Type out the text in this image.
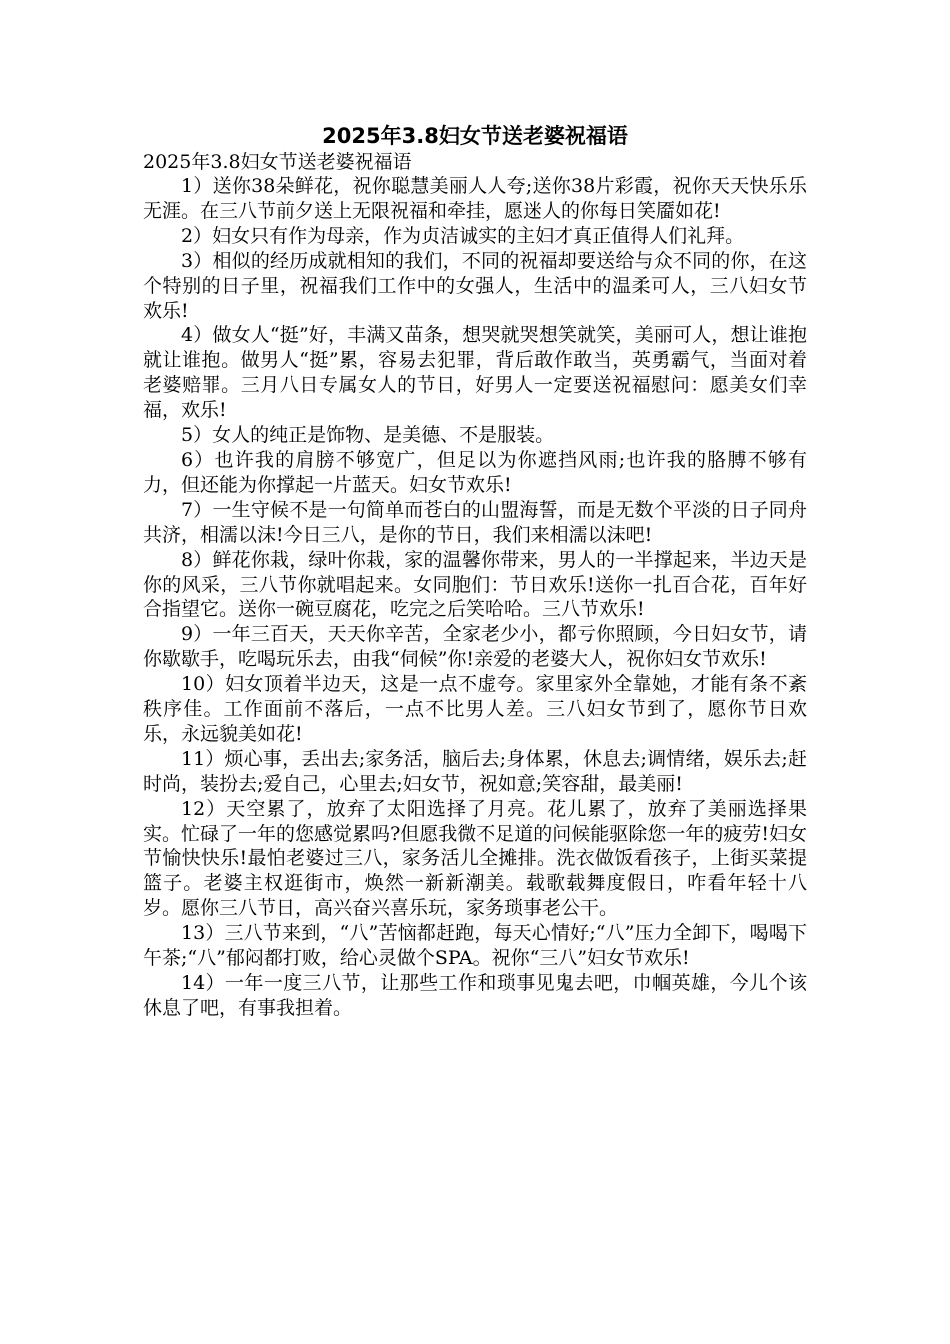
2025年3.8妇女节送老婆祝福语

2025年3.8妇女节送老婆祝福语

1）送你38朵鲜花，祝你聪慧美丽人人夸;送你38片彩霞，祝你天天快乐乐无涯。在三八节前夕送上无限祝福和牵挂，愿迷人的你每日笑靥如花!

2）妇女只有作为母亲，作为贞洁诚实的主妇才真正值得人们礼拜。

3）相似的经历成就相知的我们，不同的祝福却要送给与众不同的你，在这个特别的日子里，祝福我们工作中的女强人，生活中的温柔可人，三八妇女节欢乐!

4）做女人“挺”好，丰满又苗条，想哭就哭想笑就笑，美丽可人，想让谁抱就让谁抱。做男人“挺”累，容易去犯罪，背后敢作敢当，英勇霸气，当面对着老婆赔罪。三月八日专属女人的节日，好男人一定要送祝福慰问：愿美女们幸福，欢乐!

5）女人的纯正是饰物、是美德、不是服装。

6）也许我的肩膀不够宽广，但足以为你遮挡风雨;也许我的胳膊不够有力，但还能为你撑起一片蓝天。妇女节欢乐!

7）一生守候不是一句简单而苍白的山盟海誓，而是无数个平淡的日子同舟共济，相濡以沫!今日三八，是你的节日，我们来相濡以沫吧!

8）鲜花你栽，绿叶你栽，家的温馨你带来，男人的一半撑起来，半边天是你的风采，三八节你就唱起来。女同胞们：节日欢乐!送你一扎百合花，百年好合指望它。送你一碗豆腐花，吃完之后笑哈哈。三八节欢乐!

9）一年三百天，天天你辛苦，全家老少小，都亏你照顾，今日妇女节，请你歇歇手，吃喝玩乐去，由我“伺候”你!亲爱的老婆大人，祝你妇女节欢乐!

10）妇女顶着半边天，这是一点不虚夸。家里家外全靠她，才能有条不紊秩序佳。工作面前不落后，一点不比男人差。三八妇女节到了，愿你节日欢乐，永远貌美如花!

11）烦心事，丢出去;家务活，脑后去;身体累，休息去;调情绪，娱乐去;赶时尚，装扮去;爱自己，心里去;妇女节，祝如意;笑容甜，最美丽!

12）天空累了，放弃了太阳选择了月亮。花儿累了，放弃了美丽选择果实。忙碌了一年的您感觉累吗?但愿我微不足道的问候能驱除您一年的疲劳!妇女节愉快快乐!最怕老婆过三八，家务活儿全摊排。洗衣做饭看孩子，上街买菜提篮子。老婆主权逛街市，焕然一新新潮美。载歌载舞度假日，咋看年轻十八岁。愿你三八节日，高兴奋兴喜乐玩，家务琐事老公干。

13）三八节来到，“八”苦恼都赶跑，每天心情好;“八”压力全卸下，喝喝下午茶;“八”郁闷都打败，给心灵做个SPA。祝你“三八”妇女节欢乐!

14）一年一度三八节，让那些工作和琐事见鬼去吧，巾帼英雄，今儿个该休息了吧，有事我担着。
